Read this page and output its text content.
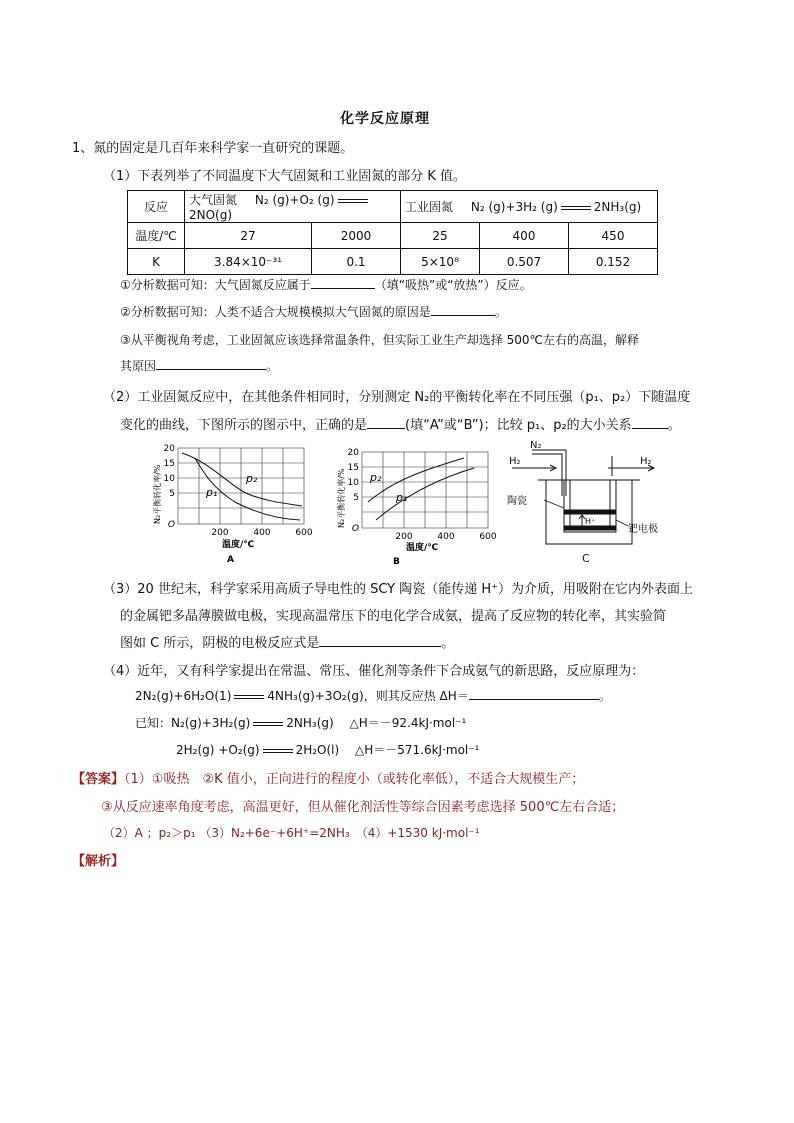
化学反应原理
1、氮的固定是几百年来科学家一直研究的课题。
（1）下表列举了不同温度下大气固氮和工业固氮的部分 K 值。
反应	大气固氮 N₂ (g)+O₂ (g)2NO(g)		工业固氮 N₂ (g)+3H₂ (g) 2NH₃(g)		
温度/℃	27	2000	25	400	450
K	3.84×10⁻³¹	0.1	5×10⁸	0.507	0.152
①分析数据可知：大气固氮反应属于	（填“吸热”或“放热”）反应。
②分析数据可知：人类不适合大规模模拟大气固氮的原因是	。
③从平衡视角考虑，工业固氮应该选择常温条件，但实际工业生产却选择 500℃左右的高温，解释
其原因	。
（2）工业固氮反应中，在其他条件相同时，分别测定 N₂的平衡转化率在不同压强（p₁、p₂）下随温度
变化的曲线，下图所示的图示中，正确的是	(填“A”或“B”)；比较 p₁、p₂的大小关系	。
p₂
p₁
20
15
10
5
O
200	400	600
N₂平衡转化率/%
温度/℃
A
p₂
p₁
20
15
10
5
O
200	400	600
N₂平衡转化率/%
温度/℃
B
N₂
H₂	H₂
陶瓷
H⁺
钯电极
C
（3）20 世纪末，科学家采用高质子导电性的 SCY 陶瓷（能传递 H⁺）为介质，用吸附在它内外表面上
的金属钯多晶薄膜做电极，实现高温常压下的电化学合成氨，提高了反应物的转化率，其实验简
图如 C 所示，阴极的电极反应式是	。
（4）近年，又有科学家提出在常温、常压、催化剂等条件下合成氨气的新思路，反应原理为：
2N₂(g)+6H₂O(1)	4NH₃(g)+3O₂(g)，则其反应热 ΔH＝	。
已知：N₂(g)+3H₂(g)	2NH₃(g)　 △H＝－92.4kJ·mol⁻¹
2H₂(g) +O₂(g)	2H₂O(l)　 △H＝－571.6kJ·mol⁻¹
【答案】（1）①吸热　②K 值小，正向进行的程度小（或转化率低），不适合大规模生产；
③从反应速率角度考虑，高温更好，但从催化剂活性等综合因素考虑选择 500℃左右合适；
（2）A ；p₂＞p₁ （3）N₂+6e⁻+6H⁺=2NH₃　（4）+1530 kJ·mol⁻¹
【解析】
